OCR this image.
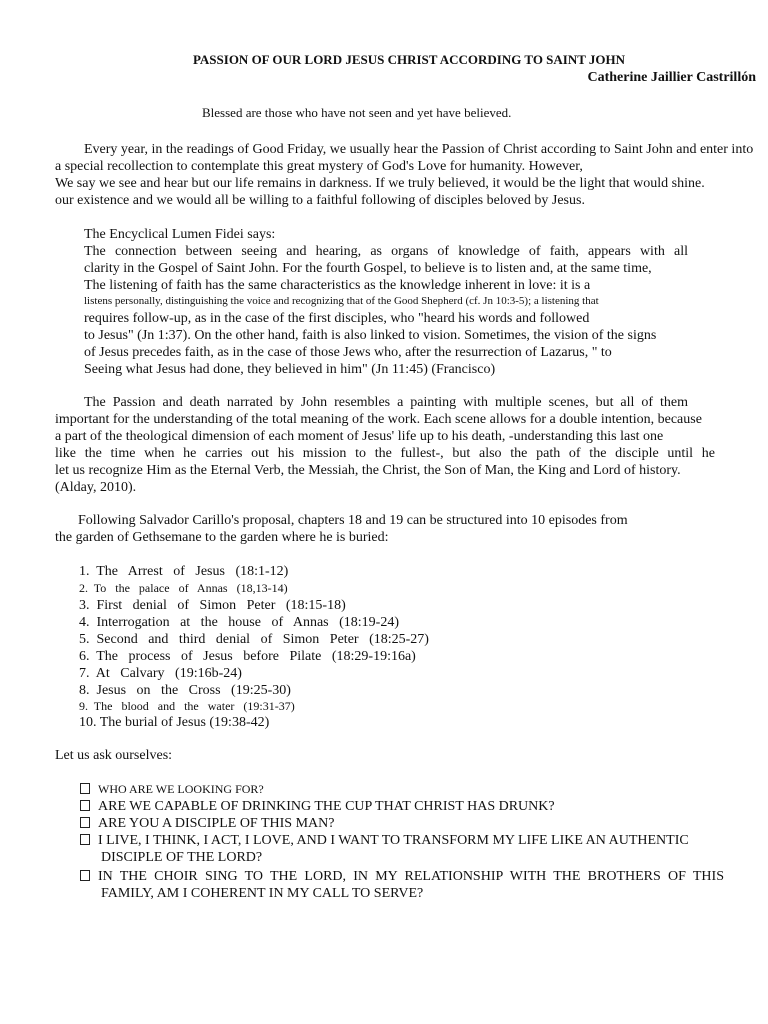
PASSION OF OUR LORD JESUS CHRIST ACCORDING TO SAINT JOHN
Catherine Jaillier Castrillón
Blessed are those who have not seen and yet have believed.
Every year, in the readings of Good Friday, we usually hear the Passion of Christ according to Saint John and enter into
a special recollection to contemplate this great mystery of God's Love for humanity. However,
We say we see and hear but our life remains in darkness. If we truly believed, it would be the light that would shine.
our existence and we would all be willing to a faithful following of disciples beloved by Jesus.
The Encyclical Lumen Fidei says:
The connection between seeing and hearing, as organs of knowledge of faith, appears with all
clarity in the Gospel of Saint John. For the fourth Gospel, to believe is to listen and, at the same time,
The listening of faith has the same characteristics as the knowledge inherent in love: it is a
listens personally, distinguishing the voice and recognizing that of the Good Shepherd (cf. Jn 10:3-5); a listening that
requires follow-up, as in the case of the first disciples, who "heard his words and followed
to Jesus" (Jn 1:37). On the other hand, faith is also linked to vision. Sometimes, the vision of the signs
of Jesus precedes faith, as in the case of those Jews who, after the resurrection of Lazarus, " to
Seeing what Jesus had done, they believed in him" (Jn 11:45) (Francisco)
The Passion and death narrated by John resembles a painting with multiple scenes, but all of them
important for the understanding of the total meaning of the work. Each scene allows for a double intention, because
a part of the theological dimension of each moment of Jesus' life up to his death, -understanding this last one
like the time when he carries out his mission to the fullest-, but also the path of the disciple until he
let us recognize Him as the Eternal Verb, the Messiah, the Christ, the Son of Man, the King and Lord of history.
(Alday, 2010).
Following Salvador Carillo's proposal, chapters 18 and 19 can be structured into 10 episodes from
the garden of Gethsemane to the garden where he is buried:
1.  The   Arrest   of   Jesus   (18:1-12)
2.  To   the   palace   of   Annas   (18,13-14)
3.  First   denial   of   Simon   Peter   (18:15-18)
4.  Interrogation   at   the   house   of   Annas   (18:19-24)
5.  Second   and   third   denial   of   Simon   Peter   (18:25-27)
6.  The   process   of   Jesus   before   Pilate   (18:29-19:16a)
7.  At   Calvary   (19:16b-24)
8.  Jesus   on   the   Cross   (19:25-30)
9.  The   blood   and   the   water   (19:31-37)
10. The burial of Jesus (19:38-42)
Let us ask ourselves:
WHO ARE WE LOOKING FOR?
ARE WE CAPABLE OF DRINKING THE CUP THAT CHRIST HAS DRUNK?
ARE YOU A DISCIPLE OF THIS MAN?
I LIVE, I THINK, I ACT, I LOVE, AND I WANT TO TRANSFORM MY LIFE LIKE AN AUTHENTIC
DISCIPLE OF THE LORD?
IN THE CHOIR SING TO THE LORD, IN MY RELATIONSHIP WITH THE BROTHERS OF THIS
FAMILY, AM I COHERENT IN MY CALL TO SERVE?
